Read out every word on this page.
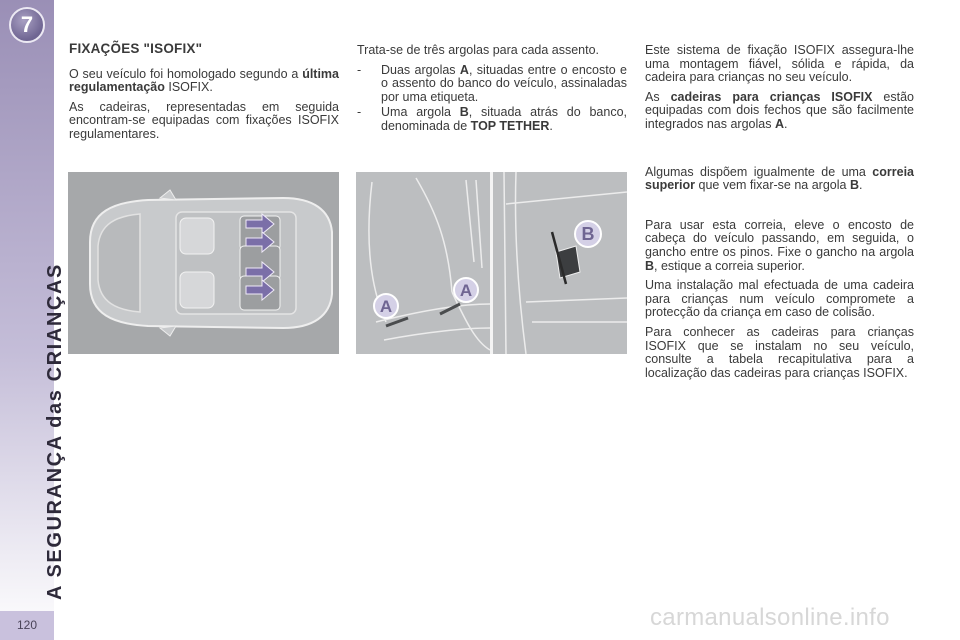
7
A SEGURANÇA das CRIANÇAS
120
FIXAÇÕES "ISOFIX"

O seu veículo foi homologado segundo a última regulamentação ISOFIX.

As cadeiras, representadas em seguida encontram-se equipadas com fixações ISOFIX regulamentares.

Trata-se de três argolas para cada assento.

- Duas argolas A, situadas entre o encosto e o assento do banco do veículo, assinaladas por uma etiqueta.
- Uma argola B, situada atrás do banco, denominada de TOP TETHER.

Este sistema de fixação ISOFIX assegura-lhe uma montagem fiável, sólida e rápida, da cadeira para crianças no seu veículo.

As cadeiras para crianças ISOFIX estão equipadas com dois fechos que são facilmente integrados nas argolas A.

Algumas dispõem igualmente de uma correia superior que vem fixar-se na argola B.

Para usar esta correia, eleve o encosto de cabeça do veículo passando, em seguida, o gancho entre os pinos. Fixe o gancho na argola B, estique a correia superior.

Uma instalação mal efectuada de uma cadeira para crianças num veículo compromete a protecção da criança em caso de colisão.

Para conhecer as cadeiras para crianças ISOFIX que se instalam no seu veículo, consulte a tabela recapitulativa para a localização das cadeiras para crianças ISOFIX.

A
A
B
carmanualsonline.info
